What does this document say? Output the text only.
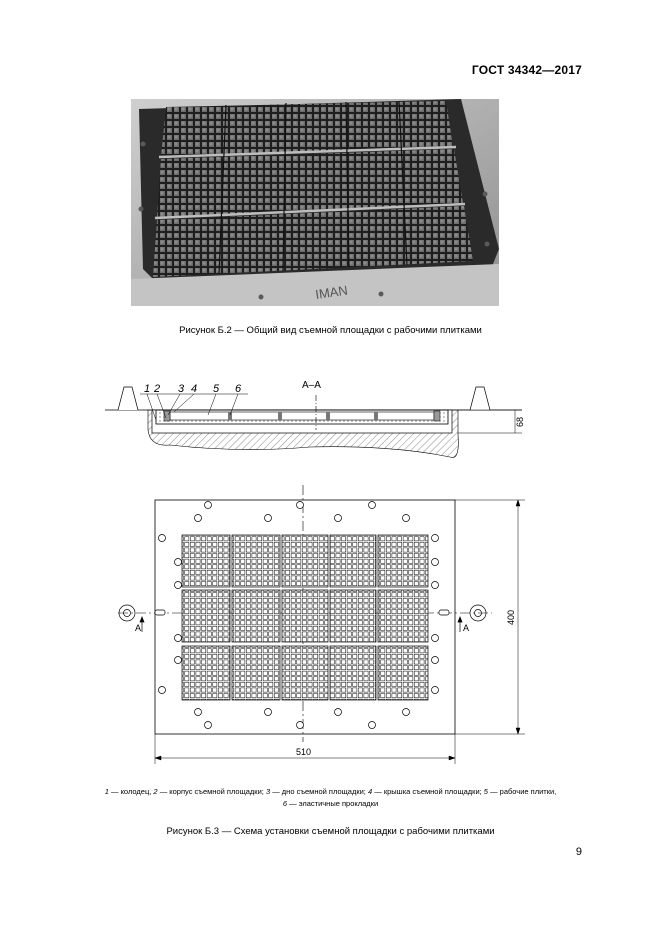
ГОСТ 34342—2017
IMAN
Рисунок Б.2 — Общий вид съемной площадки с рабочими плитками
1 2 3 4 5 6	А–А
68
А	А
400
510
1 — колодец, 2 — корпус съемной площадки; 3 — дно съемной площадки; 4 — крышка съемной площадки; 5 — рабочие плитки,
6 — эластичные прокладки
Рисунок Б.3 — Схема установки съемной площадки с рабочими плитками
9
